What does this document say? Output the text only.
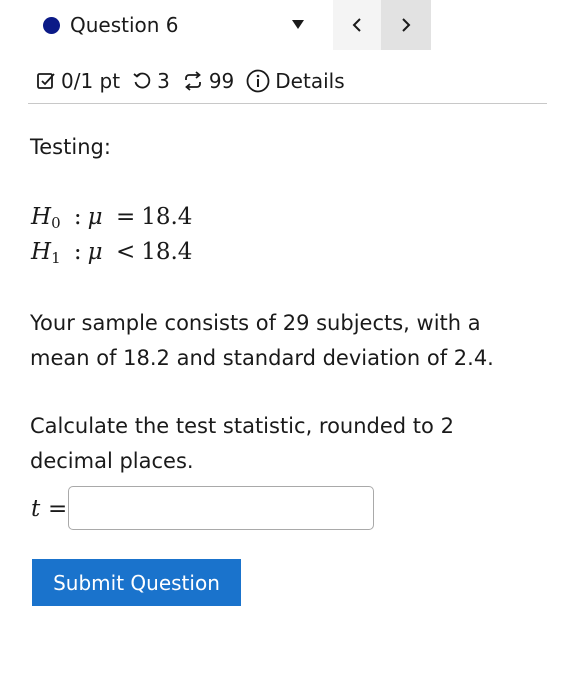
Question 6
0/1 pt 3 99 Details
Testing:
$H_0$ : μ = 18.4
$H_1$ : μ < 18.4
Your sample consists of 29 subjects, with a mean of 18.2 and standard deviation of 2.4.
Calculate the test statistic, rounded to 2 decimal places.
t =
Submit Question
